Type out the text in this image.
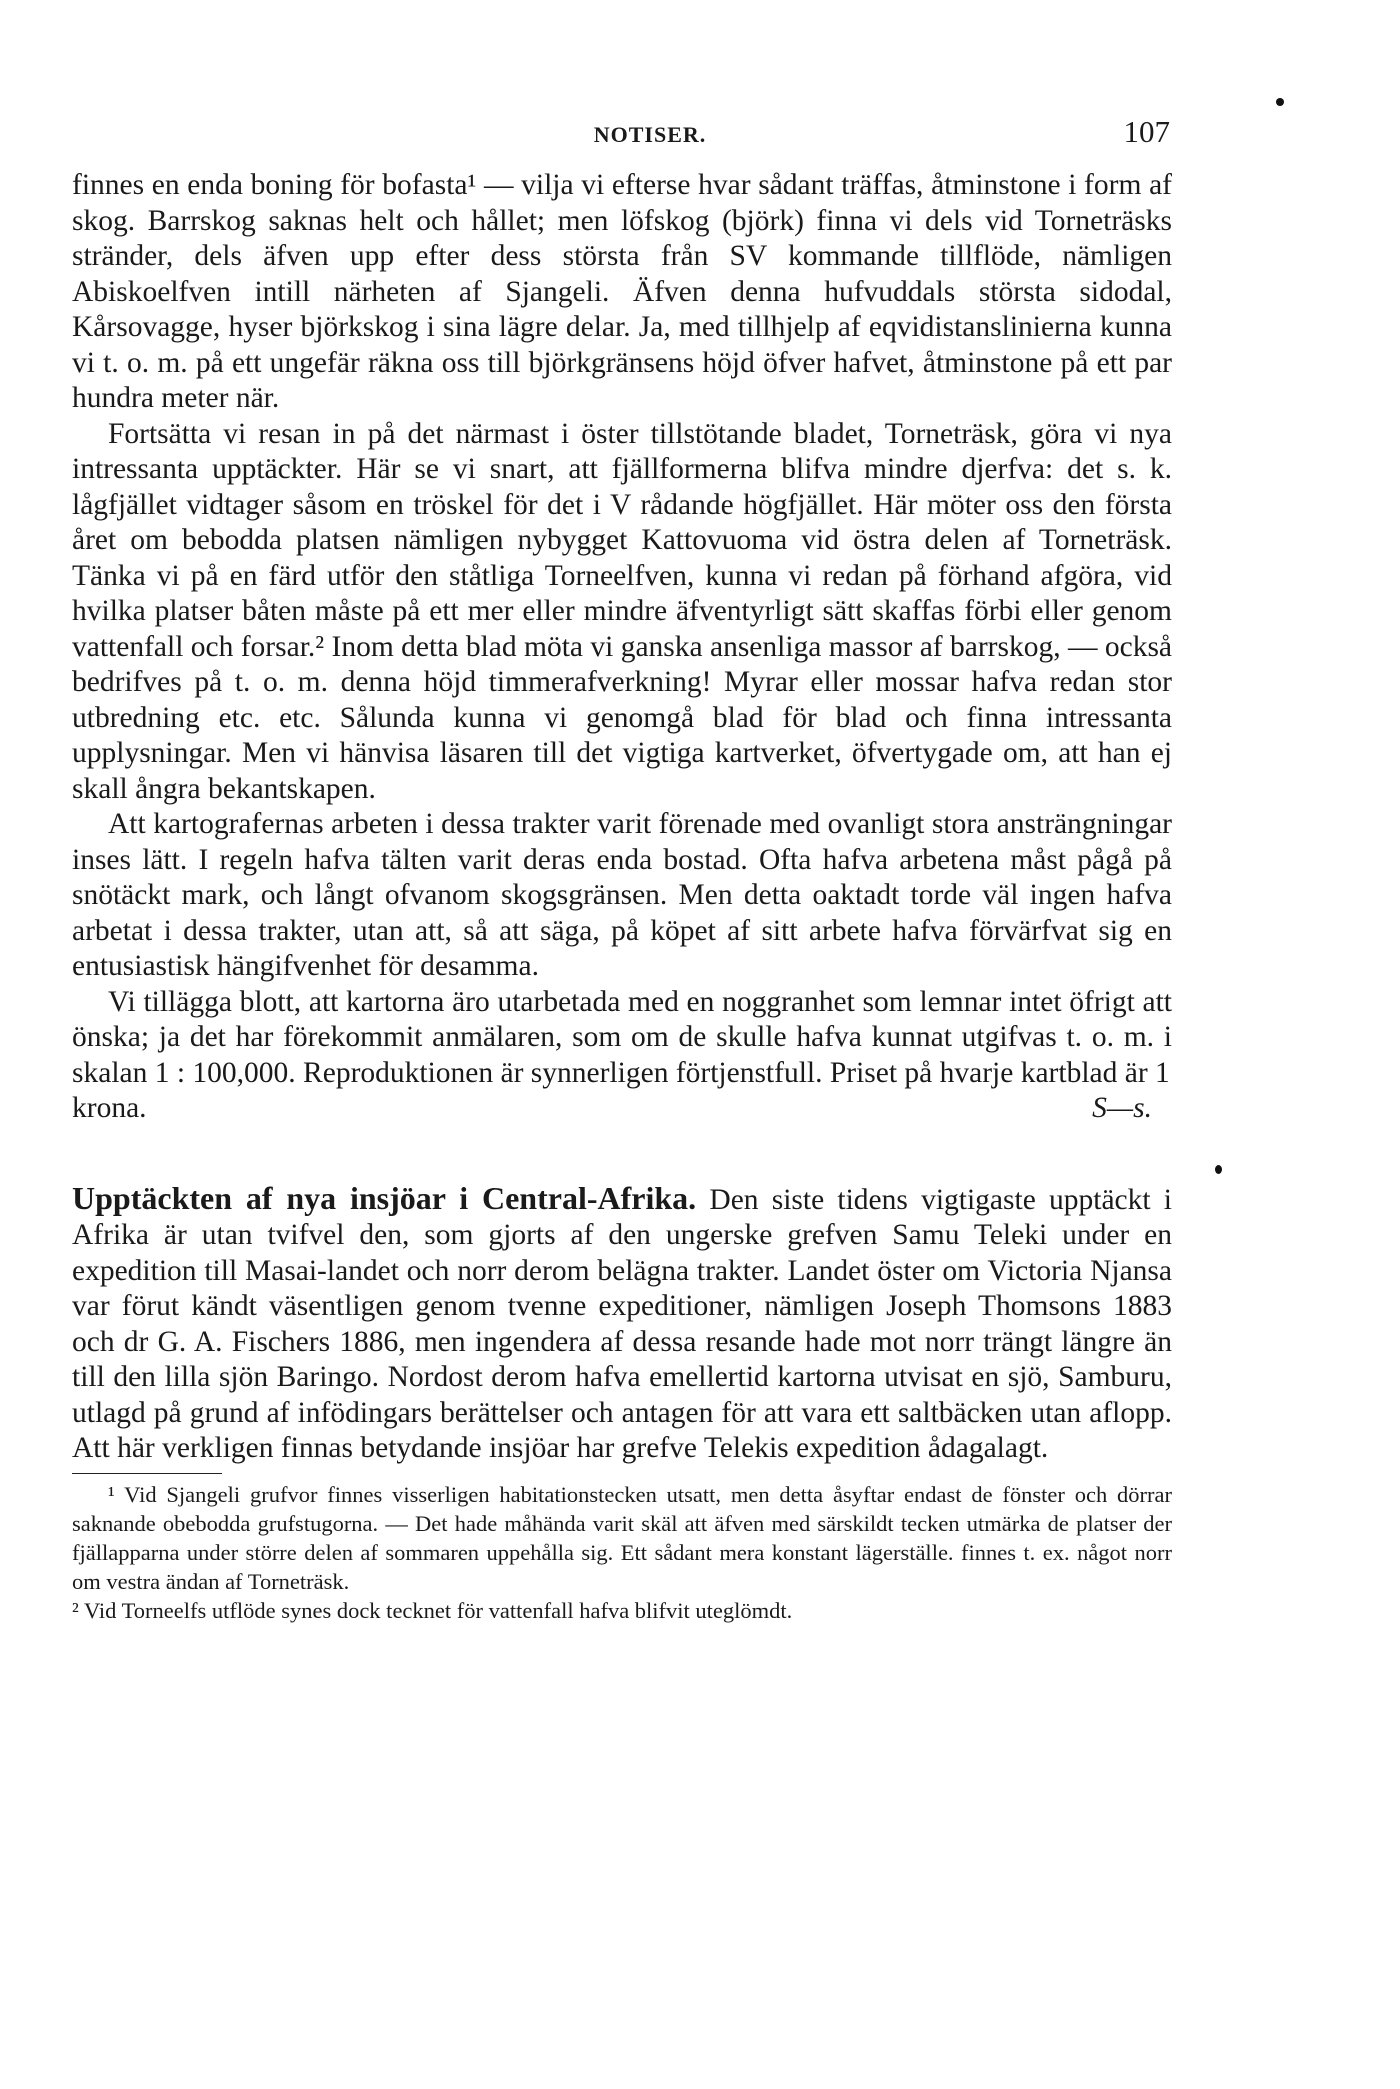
NOTISER.	107

finnes en enda boning för bofasta¹ — vilja vi efterse hvar sådant träffas, åtminstone i form af skog. Barrskog saknas helt och hållet; men löfskog (björk) finna vi dels vid Torneträsks stränder, dels äfven upp efter dess största från SV kommande tillflöde, nämligen Abiskoelfven intill närheten af Sjangeli. Äfven denna hufvuddals största sidodal, Kårsovagge, hyser björkskog i sina lägre delar. Ja, med tillhjelp af eqvidistanslinierna kunna vi t. o. m. på ett ungefär räkna oss till björkgränsens höjd öfver hafvet, åtminstone på ett par hundra meter när.

Fortsätta vi resan in på det närmast i öster tillstötande bladet, Torneträsk, göra vi nya intressanta upptäckter. Här se vi snart, att fjällformerna blifva mindre djerfva: det s. k. lågfjället vidtager såsom en tröskel för det i V rådande högfjället. Här möter oss den första året om bebodda platsen nämligen nybygget Kattovuoma vid östra delen af Torneträsk. Tänka vi på en färd utför den ståtliga Torneelfven, kunna vi redan på förhand afgöra, vid hvilka platser båten måste på ett mer eller mindre äfventyrligt sätt skaffas förbi eller genom vattenfall och forsar.² Inom detta blad möta vi ganska ansenliga massor af barrskog, — också bedrifves på t. o. m. denna höjd timmerafverkning! Myrar eller mossar hafva redan stor utbredning etc. etc. Sålunda kunna vi genomgå blad för blad och finna intressanta upplysningar. Men vi hänvisa läsaren till det vigtiga kartverket, öfvertygade om, att han ej skall ångra bekantskapen.

Att kartografernas arbeten i dessa trakter varit förenade med ovanligt stora ansträngningar inses lätt. I regeln hafva tälten varit deras enda bostad. Ofta hafva arbetena måst pågå på snötäckt mark, och långt ofvanom skogsgränsen. Men detta oaktadt torde väl ingen hafva arbetat i dessa trakter, utan att, så att säga, på köpet af sitt arbete hafva förvärfvat sig en entusiastisk hängifvenhet för desamma.

Vi tillägga blott, att kartorna äro utarbetada med en noggranhet som lemnar intet öfrigt att önska; ja det har förekommit anmälaren, som om de skulle hafva kunnat utgifvas t. o. m. i skalan 1 : 100,000. Reproduktionen är synnerligen förtjenstfull. Priset på hvarje kartblad är 1

krona.	S—s.

Upptäckten af nya insjöar i Central-Afrika. Den siste tidens vigtigaste upptäckt i Afrika är utan tvifvel den, som gjorts af den ungerske grefven Samu Teleki under en expedition till Masai-landet och norr derom belägna trakter. Landet öster om Victoria Njansa var förut kändt väsentligen genom tvenne expeditioner, nämligen Joseph Thomsons 1883 och dr G. A. Fischers 1886, men ingendera af dessa resande hade mot norr trängt längre än till den lilla sjön Baringo. Nordost derom hafva emellertid kartorna utvisat en sjö, Samburu, utlagd på grund af infödingars berättelser och antagen för att vara ett saltbäcken utan aflopp. Att här verkligen finnas betydande insjöar har grefve Telekis expedition ådagalagt.

¹ Vid Sjangeli grufvor finnes visserligen habitationstecken utsatt, men detta åsyftar endast de fönster och dörrar saknande obebodda grufstugorna. — Det hade måhända varit skäl att äfven med särskildt tecken utmärka de platser der fjällapparna under större delen af sommaren uppehålla sig. Ett sådant mera konstant lägerställe. finnes t. ex. något norr om vestra ändan af Torneträsk.

² Vid Torneelfs utflöde synes dock tecknet för vattenfall hafva blifvit uteglömdt.
